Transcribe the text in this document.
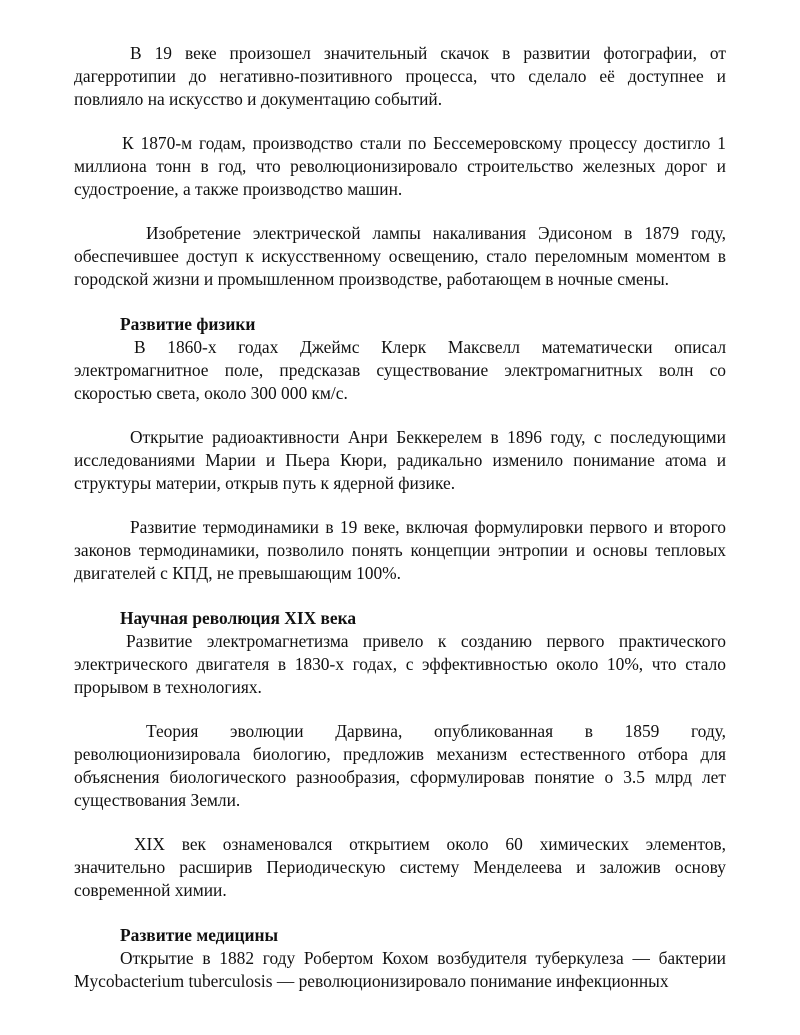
В 19 веке произошел значительный скачок в развитии фотографии, от дагерротипии до негативно-позитивного процесса, что сделало её доступнее и повлияло на искусство и документацию событий.

К 1870-м годам, производство стали по Бессемеровскому процессу достигло 1 миллиона тонн в год, что революционизировало строительство железных дорог и судостроение, а также производство машин.

Изобретение электрической лампы накаливания Эдисоном в 1879 году, обеспечившее доступ к искусственному освещению, стало переломным моментом в городской жизни и промышленном производстве, работающем в ночные смены.

Развитие физики

В 1860-х годах Джеймс Клерк Максвелл математически описал электромагнитное поле, предсказав существование электромагнитных волн со скоростью света, около 300 000 км/с.

Открытие радиоактивности Анри Беккерелем в 1896 году, с последующими исследованиями Марии и Пьера Кюри, радикально изменило понимание атома и структуры материи, открыв путь к ядерной физике.

Развитие термодинамики в 19 веке, включая формулировки первого и второго законов термодинамики, позволило понять концепции энтропии и основы тепловых двигателей с КПД, не превышающим 100%.

Научная революция XIX века

Развитие электромагнетизма привело к созданию первого практического электрического двигателя в 1830-х годах, с эффективностью около 10%, что стало прорывом в технологиях.

Теория эволюции Дарвина, опубликованная в 1859 году, революционизировала биологию, предложив механизм естественного отбора для объяснения биологического разнообразия, сформулировав понятие о 3.5 млрд лет существования Земли.

XIX век ознаменовался открытием около 60 химических элементов, значительно расширив Периодическую систему Менделеева и заложив основу современной химии.

Развитие медицины

Открытие в 1882 году Робертом Кохом возбудителя туберкулеза — бактерии Mycobacterium tuberculosis — революционизировало понимание инфекционных
